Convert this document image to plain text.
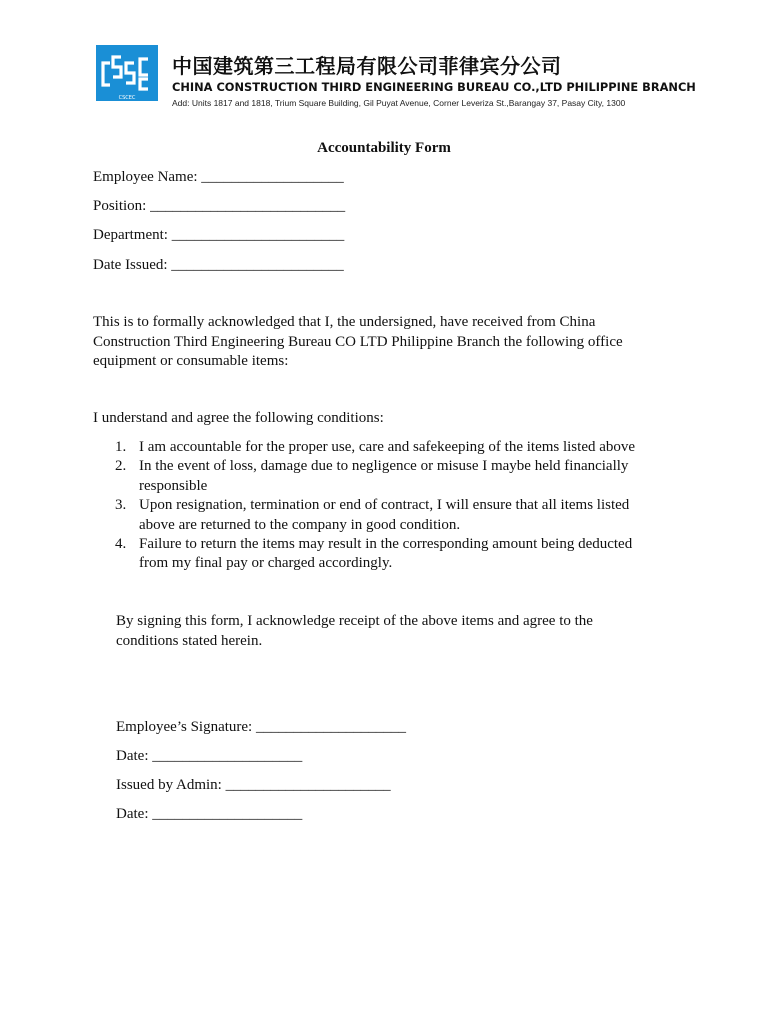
CSCEC
中国建筑第三工程局有限公司菲律宾分公司
CHINA CONSTRUCTION THIRD ENGINEERING BUREAU CO.,LTD PHILIPPINE BRANCH
Add: Units 1817 and 1818, Trium Square Building, Gil Puyat Avenue, Corner Leveriza St.,Barangay 37, Pasay City, 1300
Accountability Form
Employee Name: ___________________
Position: __________________________
Department: _______________________
Date Issued: _______________________
This is to formally acknowledged that I, the undersigned, have received from China Construction Third Engineering Bureau CO LTD Philippine Branch the following office equipment or consumable items:
I understand and agree the following conditions:
1. I am accountable for the proper use, care and safekeeping of the items listed above
2. In the event of loss, damage due to negligence or misuse I maybe held financially responsible
3. Upon resignation, termination or end of contract, I will ensure that all items listed above are returned to the company in good condition.
4. Failure to return the items may result in the corresponding amount being deducted from my final pay or charged accordingly.
By signing this form, I acknowledge receipt of the above items and agree to the conditions stated herein.
Employee’s Signature: ____________________
Date: ____________________
Issued by Admin: ______________________
Date: ____________________
